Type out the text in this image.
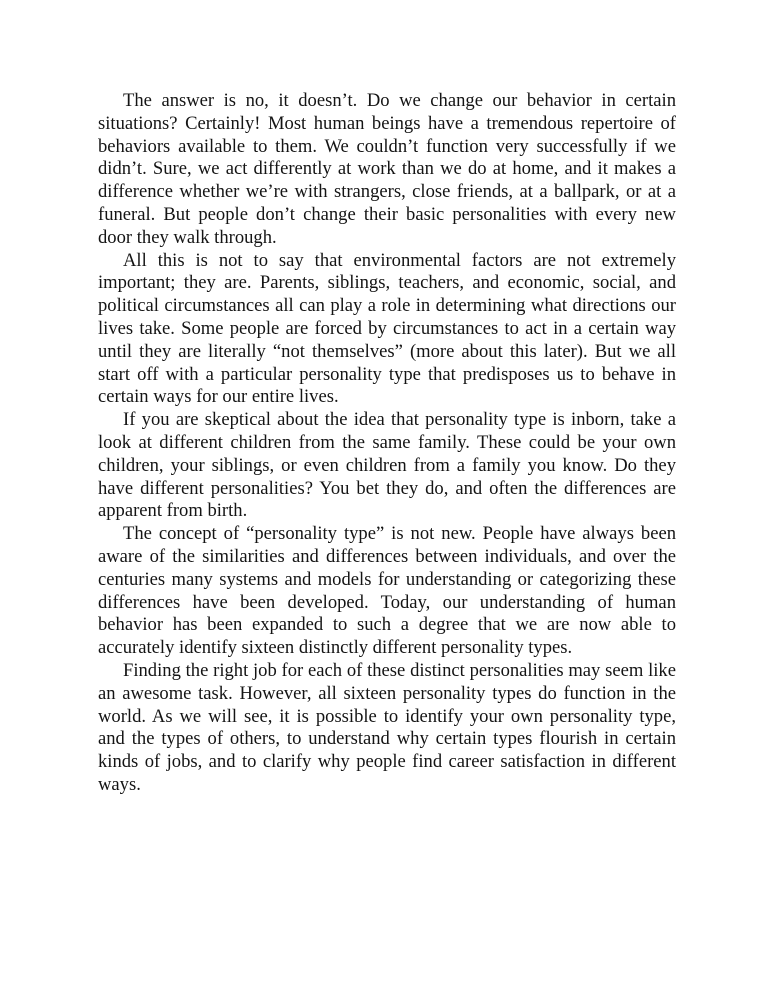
The answer is no, it doesn’t. Do we change our behavior in certain situations? Certainly! Most human beings have a tremendous repertoire of behaviors available to them. We couldn’t function very successfully if we didn’t. Sure, we act differently at work than we do at home, and it makes a difference whether we’re with strangers, close friends, at a ballpark, or at a funeral. But people don’t change their basic personalities with every new door they walk through.

All this is not to say that environmental factors are not extremely important; they are. Parents, siblings, teachers, and economic, social, and political circumstances all can play a role in determining what directions our lives take. Some people are forced by circumstances to act in a certain way until they are literally “not themselves” (more about this later). But we all start off with a particular personality type that predisposes us to behave in certain ways for our entire lives.

If you are skeptical about the idea that personality type is inborn, take a look at different children from the same family. These could be your own children, your siblings, or even children from a family you know. Do they have different personalities? You bet they do, and often the differences are apparent from birth.

The concept of “personality type” is not new. People have always been aware of the similarities and differences between individuals, and over the centuries many systems and models for understanding or categorizing these differences have been developed. Today, our understanding of human behavior has been expanded to such a degree that we are now able to accurately identify sixteen distinctly different personality types.

Finding the right job for each of these distinct personalities may seem like an awesome task. However, all sixteen personality types do function in the world. As we will see, it is possible to identify your own personality type, and the types of others, to understand why certain types flourish in certain kinds of jobs, and to clarify why people find career satisfaction in different ways.
